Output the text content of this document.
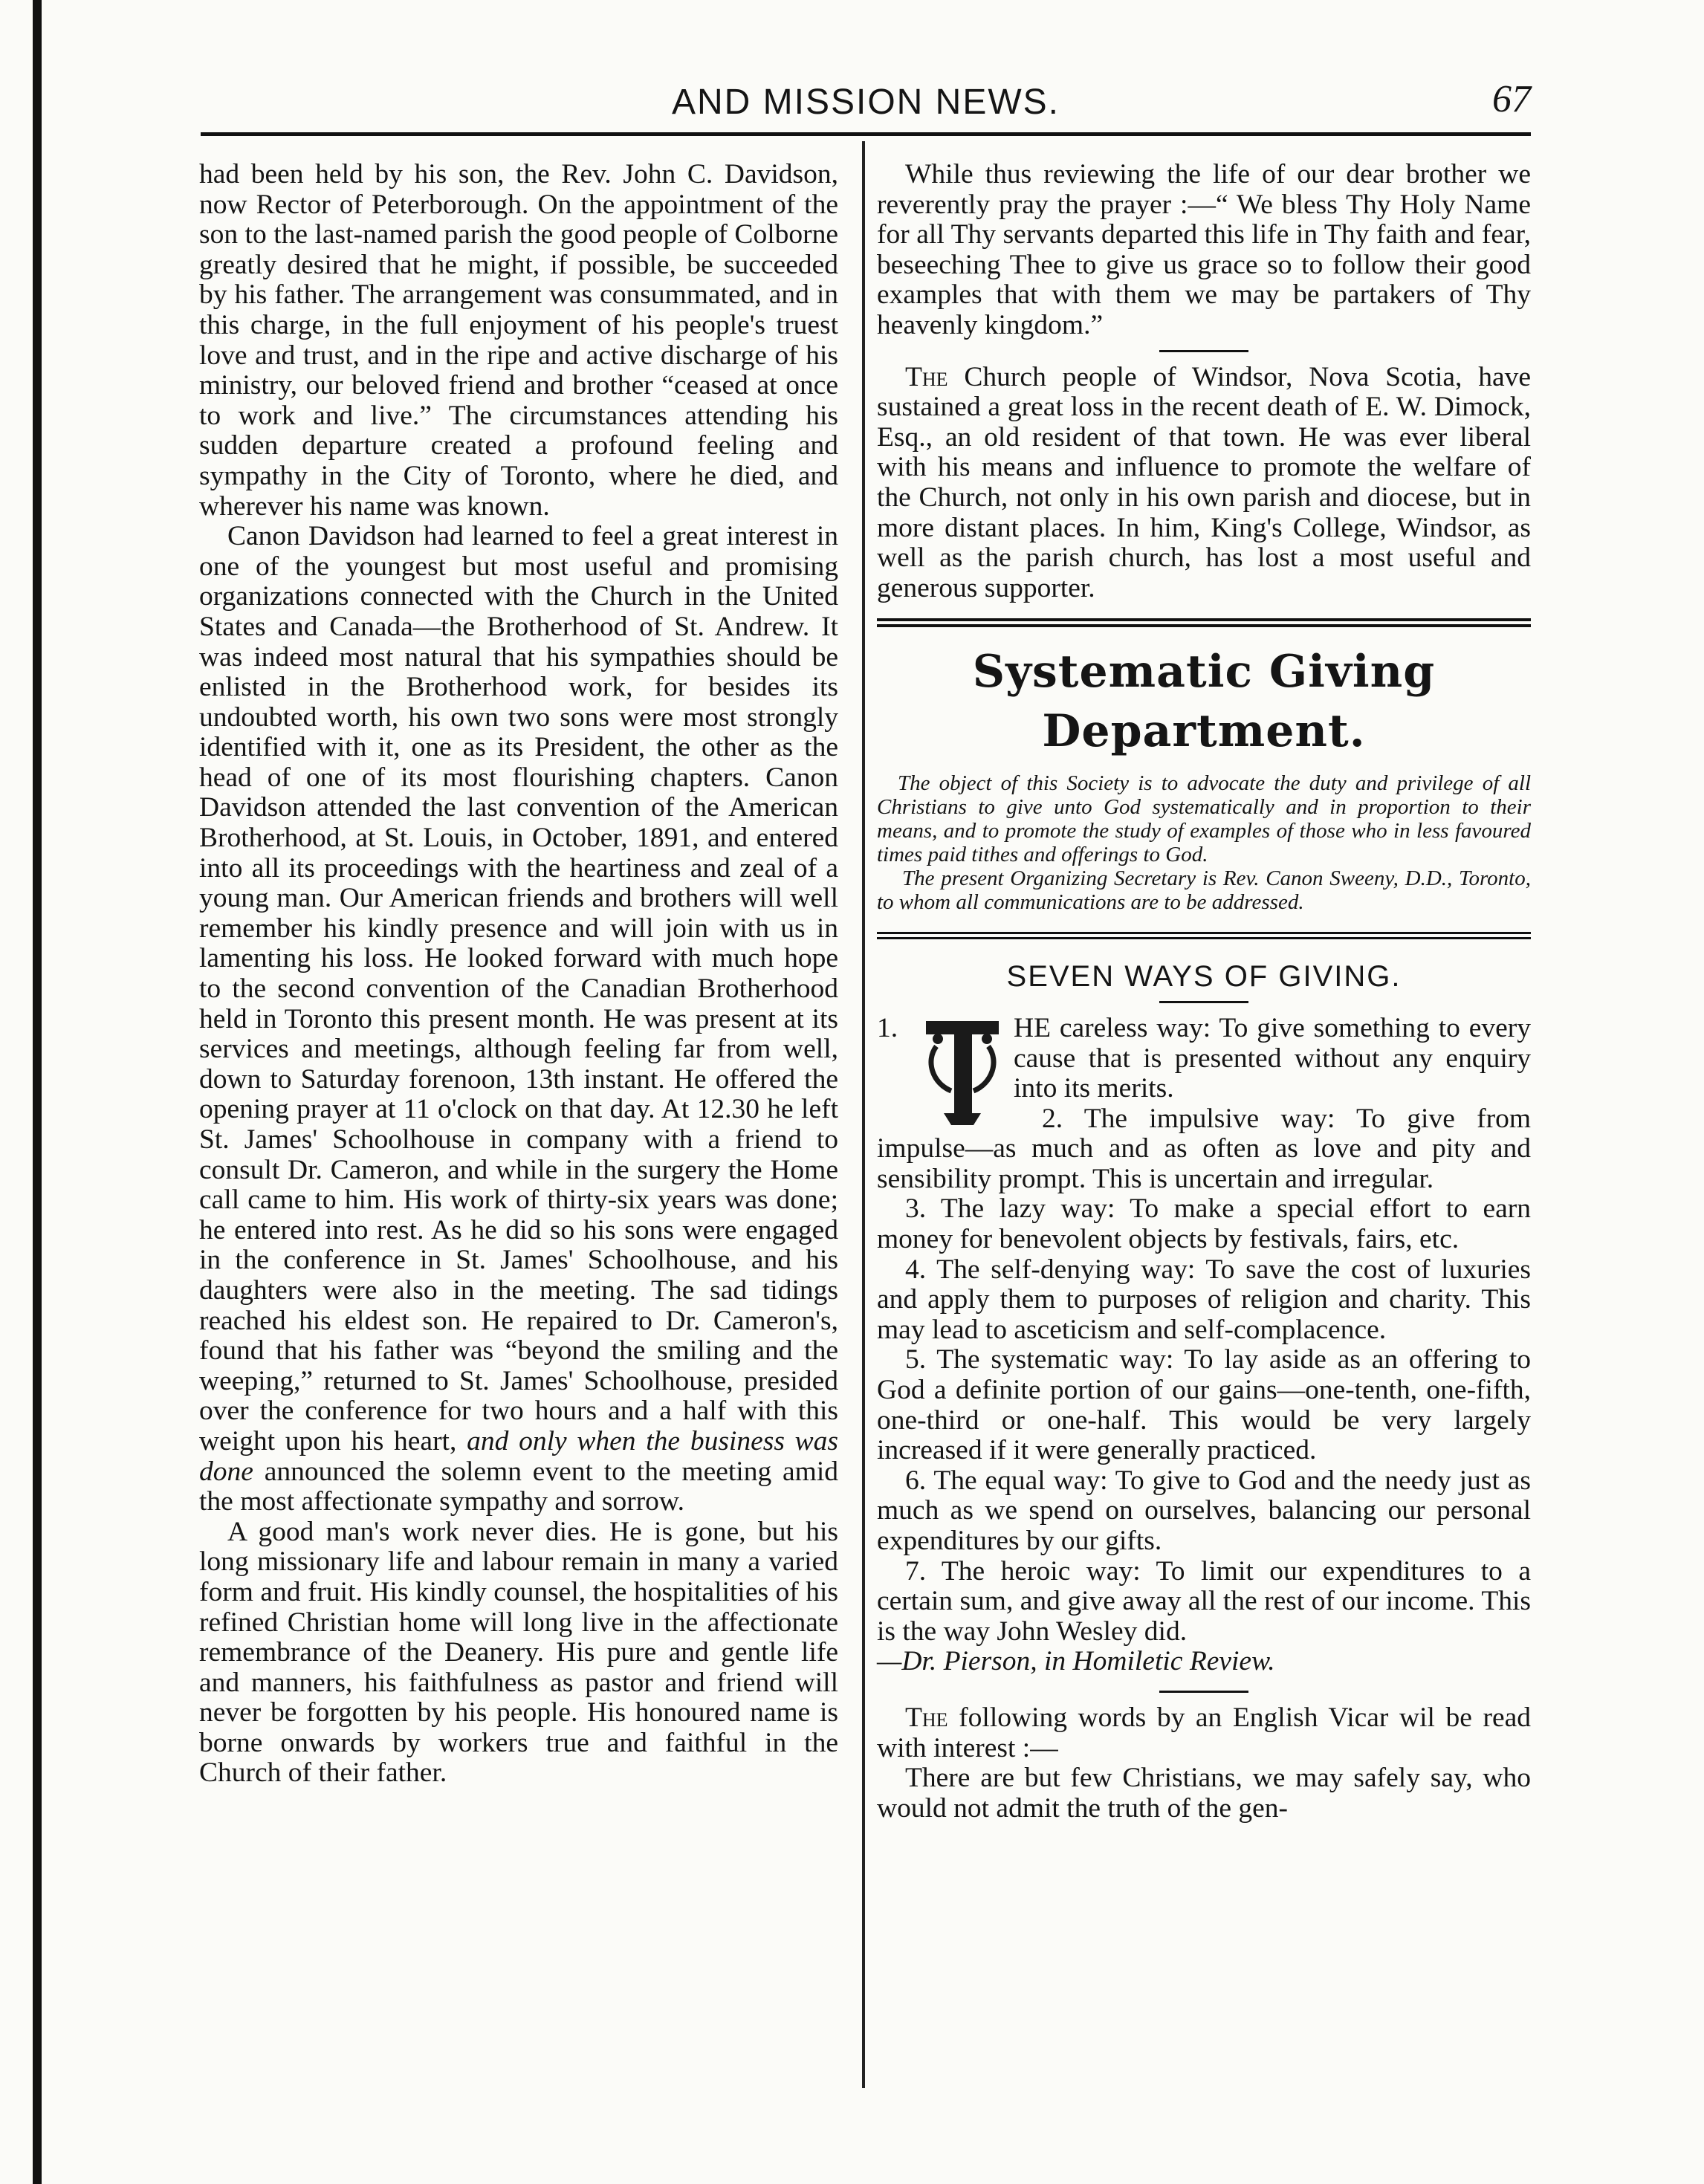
AND MISSION NEWS.	67

had been held by his son, the Rev. John C. Davidson, now Rector of Peterborough. On the appointment of the son to the last-named parish the good people of Colborne greatly desired that he might, if possible, be succeeded by his father. The arrangement was consummated, and in this charge, in the full enjoyment of his people's truest love and trust, and in the ripe and active discharge of his ministry, our beloved friend and brother “ceased at once to work and live.” The circumstances attending his sudden departure created a profound feeling and sympathy in the City of Toronto, where he died, and wherever his name was known.

Canon Davidson had learned to feel a great interest in one of the youngest but most useful and promising organizations connected with the Church in the United States and Canada—the Brotherhood of St. Andrew. It was indeed most natural that his sympathies should be enlisted in the Brotherhood work, for besides its undoubted worth, his own two sons were most strongly identified with it, one as its President, the other as the head of one of its most flourishing chapters. Canon Davidson attended the last convention of the American Brotherhood, at St. Louis, in October, 1891, and entered into all its proceedings with the heartiness and zeal of a young man. Our American friends and brothers will well remember his kindly presence and will join with us in lamenting his loss. He looked forward with much hope to the second convention of the Canadian Brotherhood held in Toronto this present month. He was present at its services and meetings, although feeling far from well, down to Saturday forenoon, 13th instant. He offered the opening prayer at 11 o'clock on that day. At 12.30 he left St. James' Schoolhouse in company with a friend to consult Dr. Cameron, and while in the surgery the Home call came to him. His work of thirty-six years was done; he entered into rest. As he did so his sons were engaged in the conference in St. James' Schoolhouse, and his daughters were also in the meeting. The sad tidings reached his eldest son. He repaired to Dr. Cameron's, found that his father was “beyond the smiling and the weeping,” returned to St. James' Schoolhouse, presided over the conference for two hours and a half with this weight upon his heart, and only when the business was done announced the solemn event to the meeting amid the most affectionate sympathy and sorrow.

A good man's work never dies. He is gone, but his long missionary life and labour remain in many a varied form and fruit. His kindly counsel, the hospitalities of his refined Christian home will long live in the affectionate remembrance of the Deanery. His pure and gentle life and manners, his faithfulness as pastor and friend will never be forgotten by his people. His honoured name is borne onwards by workers true and faithful in the Church of their father.

While thus reviewing the life of our dear brother we reverently pray the prayer :—“ We bless Thy Holy Name for all Thy servants departed this life in Thy faith and fear, beseeching Thee to give us grace so to follow their good examples that with them we may be partakers of Thy heavenly kingdom.”

The Church people of Windsor, Nova Scotia, have sustained a great loss in the recent death of E. W. Dimock, Esq., an old resident of that town. He was ever liberal with his means and influence to promote the welfare of the Church, not only in his own parish and diocese, but in more distant places. In him, King's College, Windsor, as well as the parish church, has lost a most useful and generous supporter.

Systematic Giving Department.

The object of this Society is to advocate the duty and privilege of all Christians to give unto God systematically and in proportion to their means, and to promote the study of examples of those who in less favoured times paid tithes and offerings to God.

The present Organizing Secretary is Rev. Canon Sweeny, D.D., Toronto, to whom all communications are to be addressed.

SEVEN WAYS OF GIVING.
1.	HE careless way: To give something to every cause that is presented without any enquiry into its merits.

2. The impulsive way: To give from impulse—as much and as often as love and pity and sensibility prompt. This is uncertain and irregular.

3. The lazy way: To make a special effort to earn money for benevolent objects by festivals, fairs, etc.

4. The self-denying way: To save the cost of luxuries and apply them to purposes of religion and charity. This may lead to asceticism and self-complacence.

5. The systematic way: To lay aside as an offering to God a definite portion of our gains—one-tenth, one-fifth, one-third or one-half. This would be very largely increased if it were generally practiced.

6. The equal way: To give to God and the needy just as much as we spend on ourselves, balancing our personal expenditures by our gifts.

7. The heroic way: To limit our expenditures to a certain sum, and give away all the rest of our income. This is the way John Wesley did.

—Dr. Pierson, in Homiletic Review.

The following words by an English Vicar wil be read with interest :—

There are but few Christians, we may safely say, who would not admit the truth of the gen-
